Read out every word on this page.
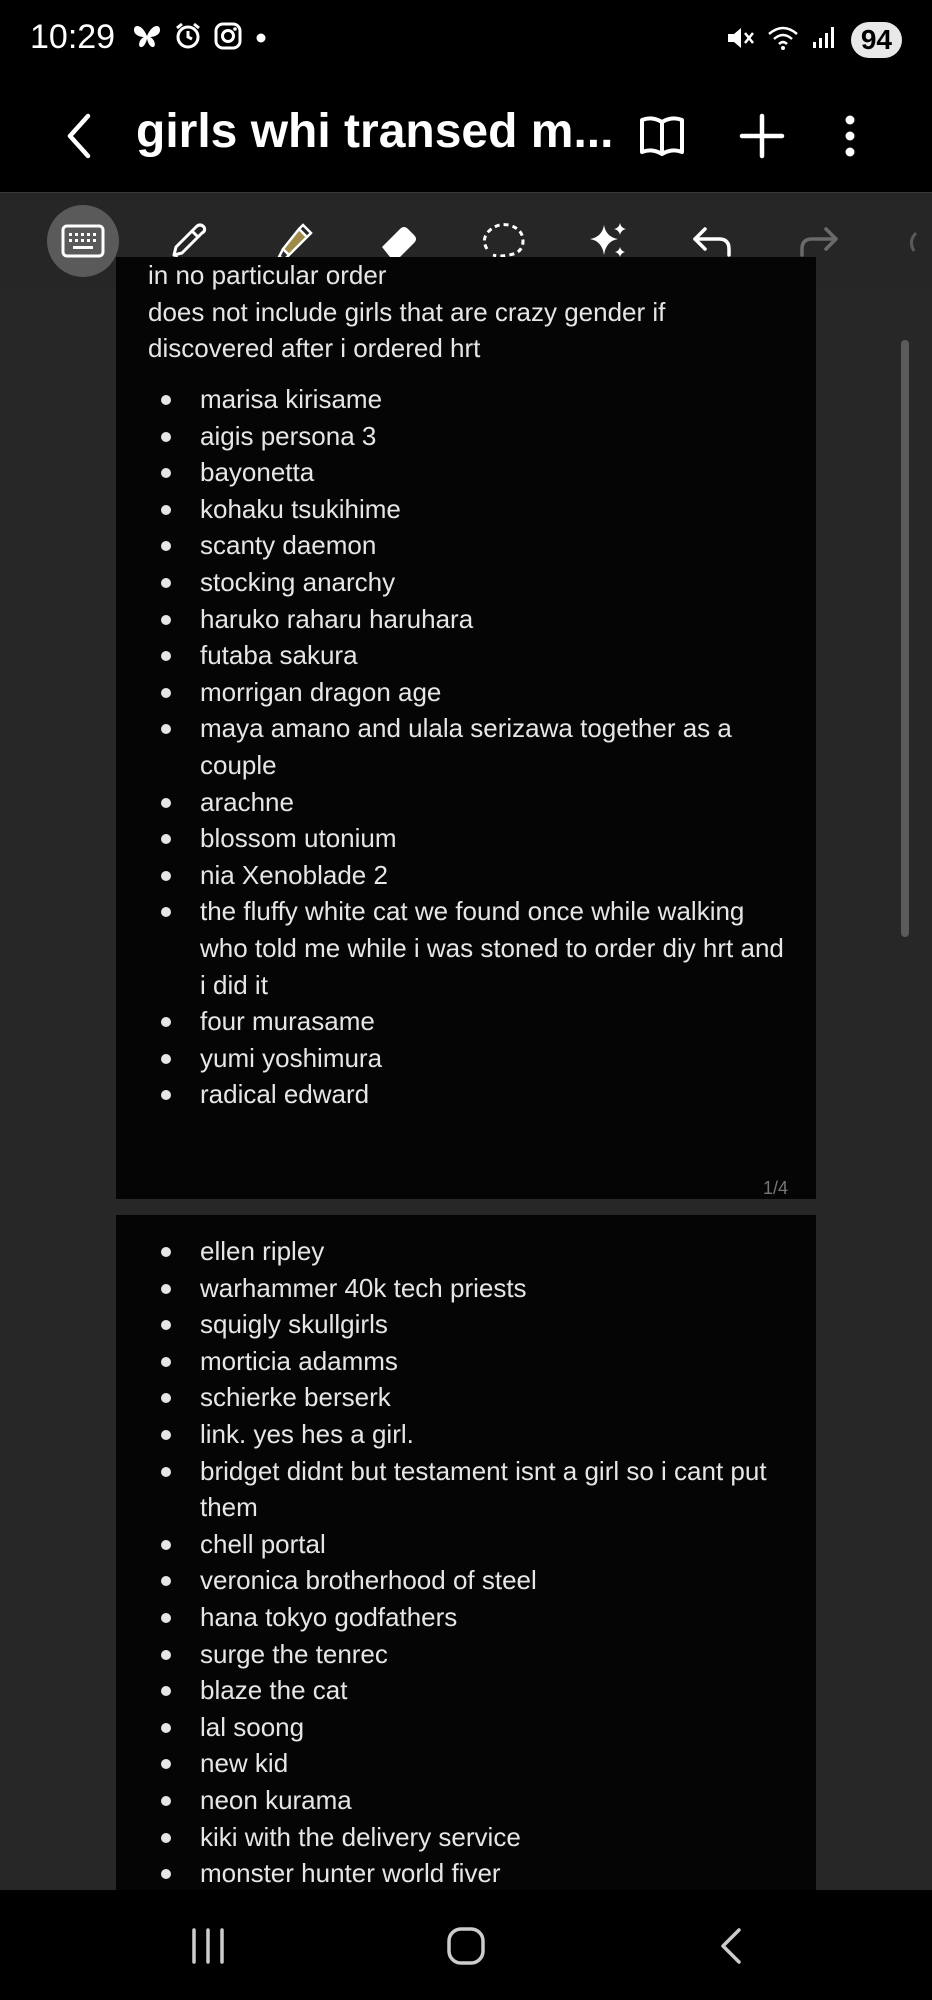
10:29	94
girls whi transed m...
in no particular order
does not include girls that are crazy gender if discovered after i ordered hrt
marisa kirisame
aigis persona 3
bayonetta
kohaku tsukihime
scanty daemon
stocking anarchy
haruko raharu haruhara
futaba sakura
morrigan dragon age
maya amano and ulala serizawa together as a couple
arachne
blossom utonium
nia Xenoblade 2
the fluffy white cat we found once while walking who told me while i was stoned to order diy hrt and i did it
four murasame
yumi yoshimura
radical edward
1/4
ellen ripley
warhammer 40k tech priests
squigly skullgirls
morticia adamms
schierke berserk
link. yes hes a girl.
bridget didnt but testament isnt a girl so i cant put them
chell portal
veronica brotherhood of steel
hana tokyo godfathers
surge the tenrec
blaze the cat
lal soong
new kid
neon kurama
kiki with the delivery service
monster hunter world fiver
